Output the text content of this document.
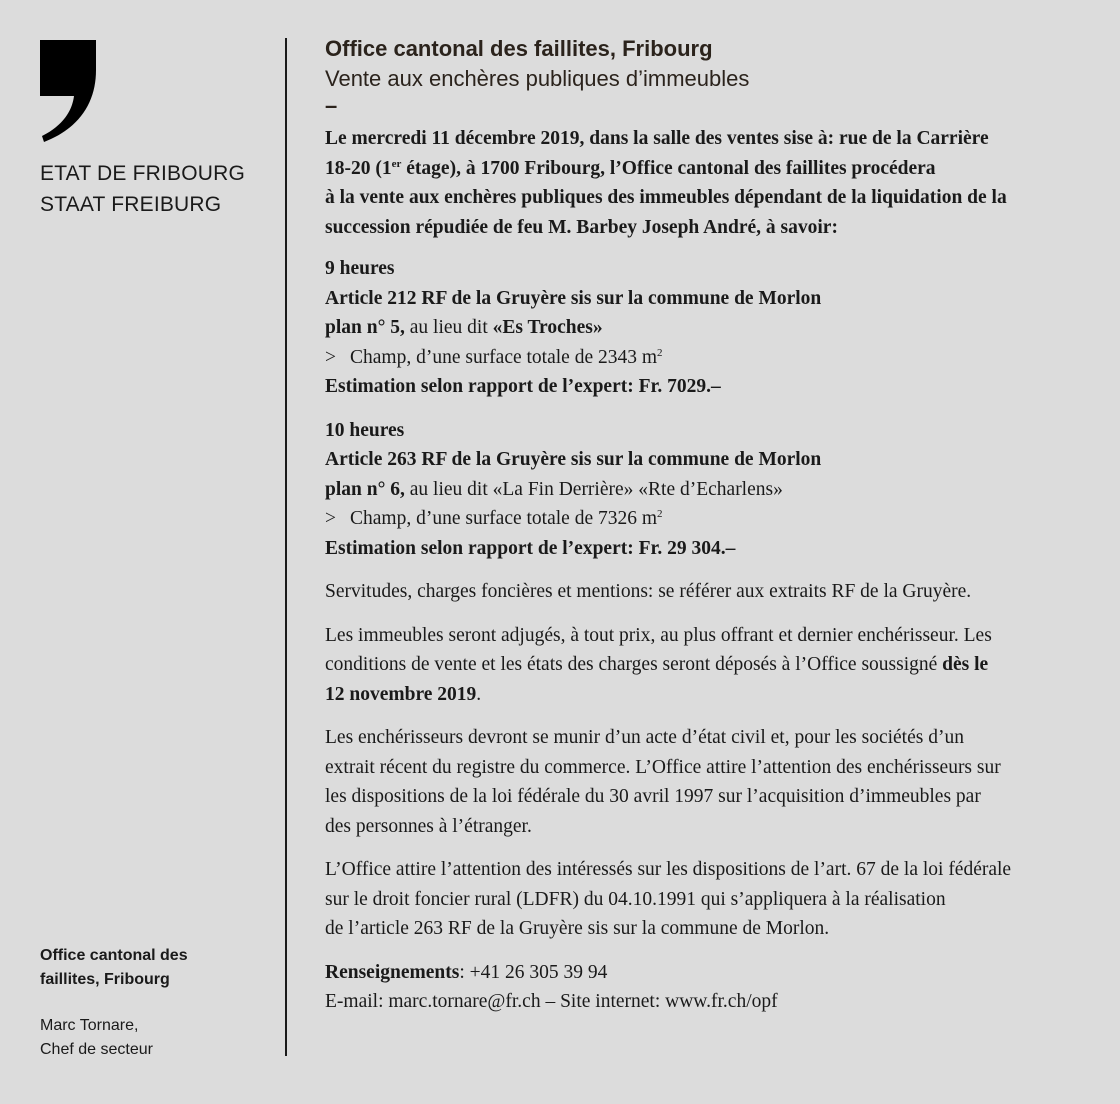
ETAT DE FRIBOURG
STAAT FREIBURG
Office cantonal des
faillites, Fribourg
Marc Tornare,
Chef de secteur
Office cantonal des faillites, Fribourg
Vente aux enchères publiques d’immeubles
–

Le mercredi 11 décembre 2019, dans la salle des ventes sise à: rue de la Carrière
18-20 (1er étage), à 1700 Fribourg, l’Office cantonal des faillites procédera
à la vente aux enchères publiques des immeubles dépendant de la liquidation de la
succession répudiée de feu M. Barbey Joseph André, à savoir:

9 heures
Article 212 RF de la Gruyère sis sur la commune de Morlon
plan n° 5, au lieu dit «Es Troches»
> Champ, d’une surface totale de 2343 $m^2$
Estimation selon rapport de l’expert: Fr. 7029.–
10 heures
Article 263 RF de la Gruyère sis sur la commune de Morlon
plan n° 6, au lieu dit «La Fin Derrière» «Rte d’Echarlens»
> Champ, d’une surface totale de 7326 $m^2$
Estimation selon rapport de l’expert: Fr. 29 304.–

Servitudes, charges foncières et mentions: se référer aux extraits RF de la Gruyère.

Les immeubles seront adjugés, à tout prix, au plus offrant et dernier enchérisseur. Les
conditions de vente et les états des charges seront déposés à l’Office soussigné dès le
12 novembre 2019.

Les enchérisseurs devront se munir d’un acte d’état civil et, pour les sociétés d’un
extrait récent du registre du commerce. L’Office attire l’attention des enchérisseurs sur
les dispositions de la loi fédérale du 30 avril 1997 sur l’acquisition d’immeubles par
des personnes à l’étranger.

L’Office attire l’attention des intéressés sur les dispositions de l’art. 67 de la loi fédérale
sur le droit foncier rural (LDFR) du 04.10.1991 qui s’appliquera à la réalisation
de l’article 263 RF de la Gruyère sis sur la commune de Morlon.

Renseignements: +41 26 305 39 94
E-mail: marc.tornare@fr.ch – Site internet: www.fr.ch/opf
